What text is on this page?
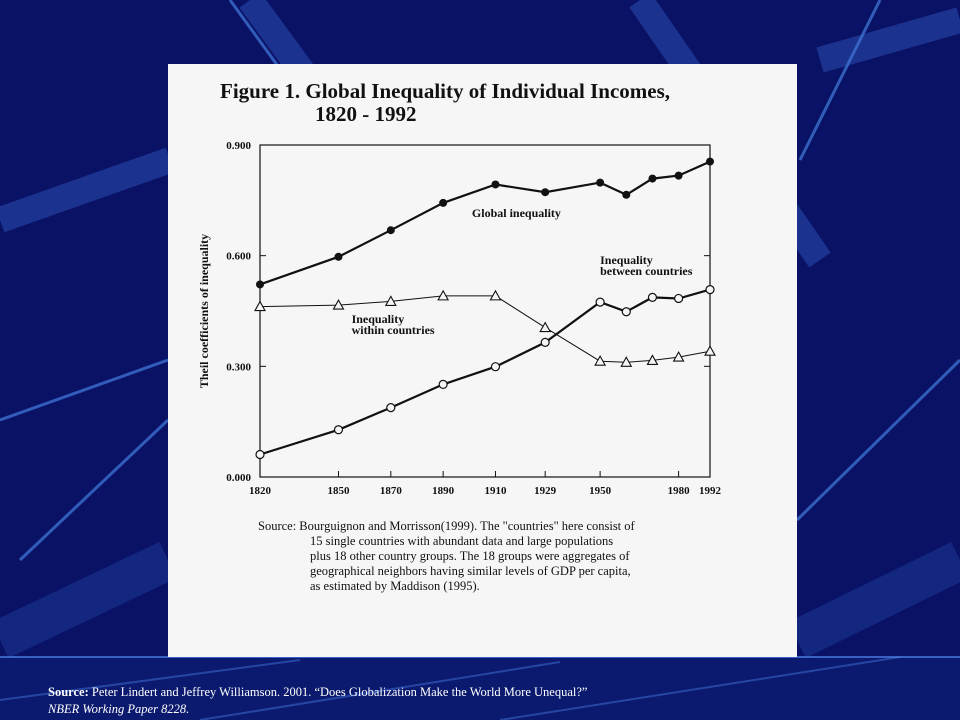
0.000
0.300
0.600
0.900
1820	1850	1870	1890	1910	1929	1950	1980 1992
Theil coefficients of inequality
Global inequality
Inequality
between countries
Inequality
within countries
Figure 1. Global Inequality of Individual Incomes,
1820 - 1992
Source: Bourguignon and Morrisson(1999). The "countries" here consist of
15 single countries with abundant data and large populations
plus 18 other country groups. The 18 groups were aggregates of
geographical neighbors having similar levels of GDP per capita,
as estimated by Maddison (1995).
Source: Peter Lindert and Jeffrey Williamson. 2001. “Does Globalization Make the World More Unequal?”
NBER Working Paper 8228.
